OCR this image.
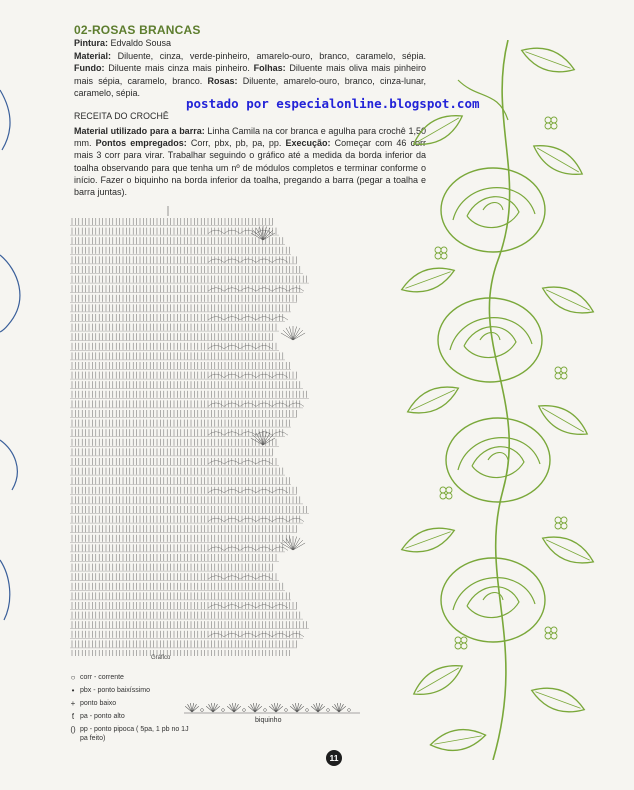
02-ROSAS BRANCAS
Pintura: Edvaldo Sousa
Material: Diluente, cinza, verde-pinheiro, amarelo-ouro, branco, caramelo, sépia. Fundo: Diluente mais cinza mais pinheiro. Folhas: Diluente mais oliva mais pinheiro mais sépia, caramelo, branco. Rosas: Diluente, amarelo-ouro, branco, cinza-lunar, caramelo, sépia.
postado por especialonline.blogspot.com
RECEITA DO CROCHÊ
Material utilizado para a barra: Linha Camila na cor branca e agulha para crochê 1,50 mm. Pontos empregados: Corr, pbx, pb, pa, pp. Execução: Começar com 46 corr mais 3 corr para virar. Trabalhar seguindo o gráfico até a medida da borda inferior da toalha observando para que tenha um nº de módulos completos e terminar conforme o início. Fazer o biquinho na borda inferior da toalha, pregando a barra (pegar a toalha e barra juntas).
Gráfico
○ corr - corrente
• pbx - ponto baixíssimo
+ ponto baixo
ƭ pa - ponto alto
() pp - ponto pipoca ( 5pa, 1 pb no 1J pa feito)
biquinho
11
